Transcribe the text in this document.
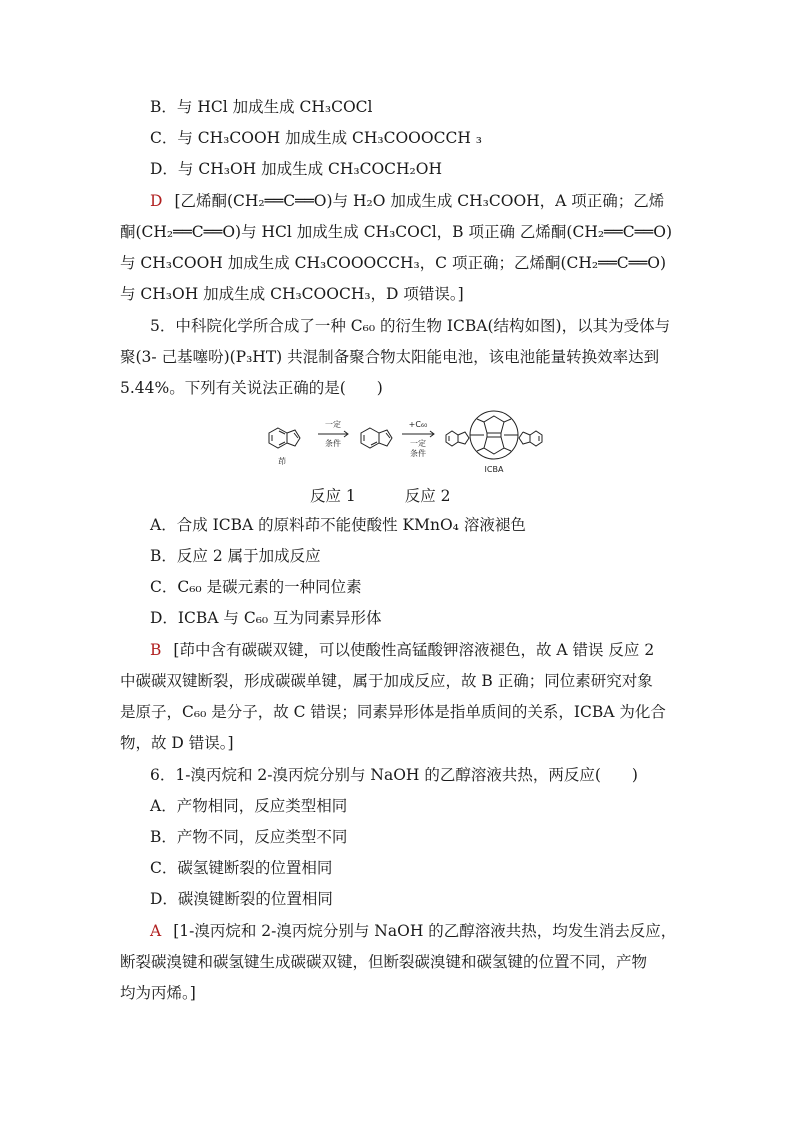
B．与 HCl 加成生成 CH₃COCl
C．与 CH₃COOH 加成生成 CH₃COOOCCH ₃
D．与 CH₃OH 加成生成 CH₃COCH₂OH
D [乙烯酮(CH₂══C══O)与 H₂O 加成生成 CH₃COOH，A 项正确；乙烯
酮(CH₂══C══O)与 HCl 加成生成 CH₃COCl，B 项正确 乙烯酮(CH₂══C══O)
与 CH₃COOH 加成生成 CH₃COOOCCH₃，C 项正确；乙烯酮(CH₂══C══O)
与 CH₃OH 加成生成 CH₃COOCH₃，D 项错误。]
5．中科院化学所合成了一种 C₆₀ 的衍生物 ICBA(结构如图)，以其为受体与
聚(3- 己基噻吩)(P₃HT) 共混制备聚合物太阳能电池，该电池能量转换效率达到
5.44%。下列有关说法正确的是(　　)
一定
条件
+C₆₀
一定
条件
茚
ICBA
反应 1	反应 2
A．合成 ICBA 的原料茚不能使酸性 KMnO₄ 溶液褪色
B．反应 2 属于加成反应
C．C₆₀ 是碳元素的一种同位素
D．ICBA 与 C₆₀ 互为同素异形体
B [茚中含有碳碳双键，可以使酸性高锰酸钾溶液褪色，故 A 错误 反应 2
中碳碳双键断裂，形成碳碳单键，属于加成反应，故 B 正确；同位素研究对象
是原子，C₆₀ 是分子，故 C 错误；同素异形体是指单质间的关系，ICBA 为化合
物，故 D 错误。]
6．1-溴丙烷和 2-溴丙烷分别与 NaOH 的乙醇溶液共热，两反应(　　)
A．产物相同，反应类型相同
B．产物不同，反应类型不同
C．碳氢键断裂的位置相同
D．碳溴键断裂的位置相同
A [1-溴丙烷和 2-溴丙烷分别与 NaOH 的乙醇溶液共热，均发生消去反应，
断裂碳溴键和碳氢键生成碳碳双键，但断裂碳溴键和碳氢键的位置不同，产物
均为丙烯。]
